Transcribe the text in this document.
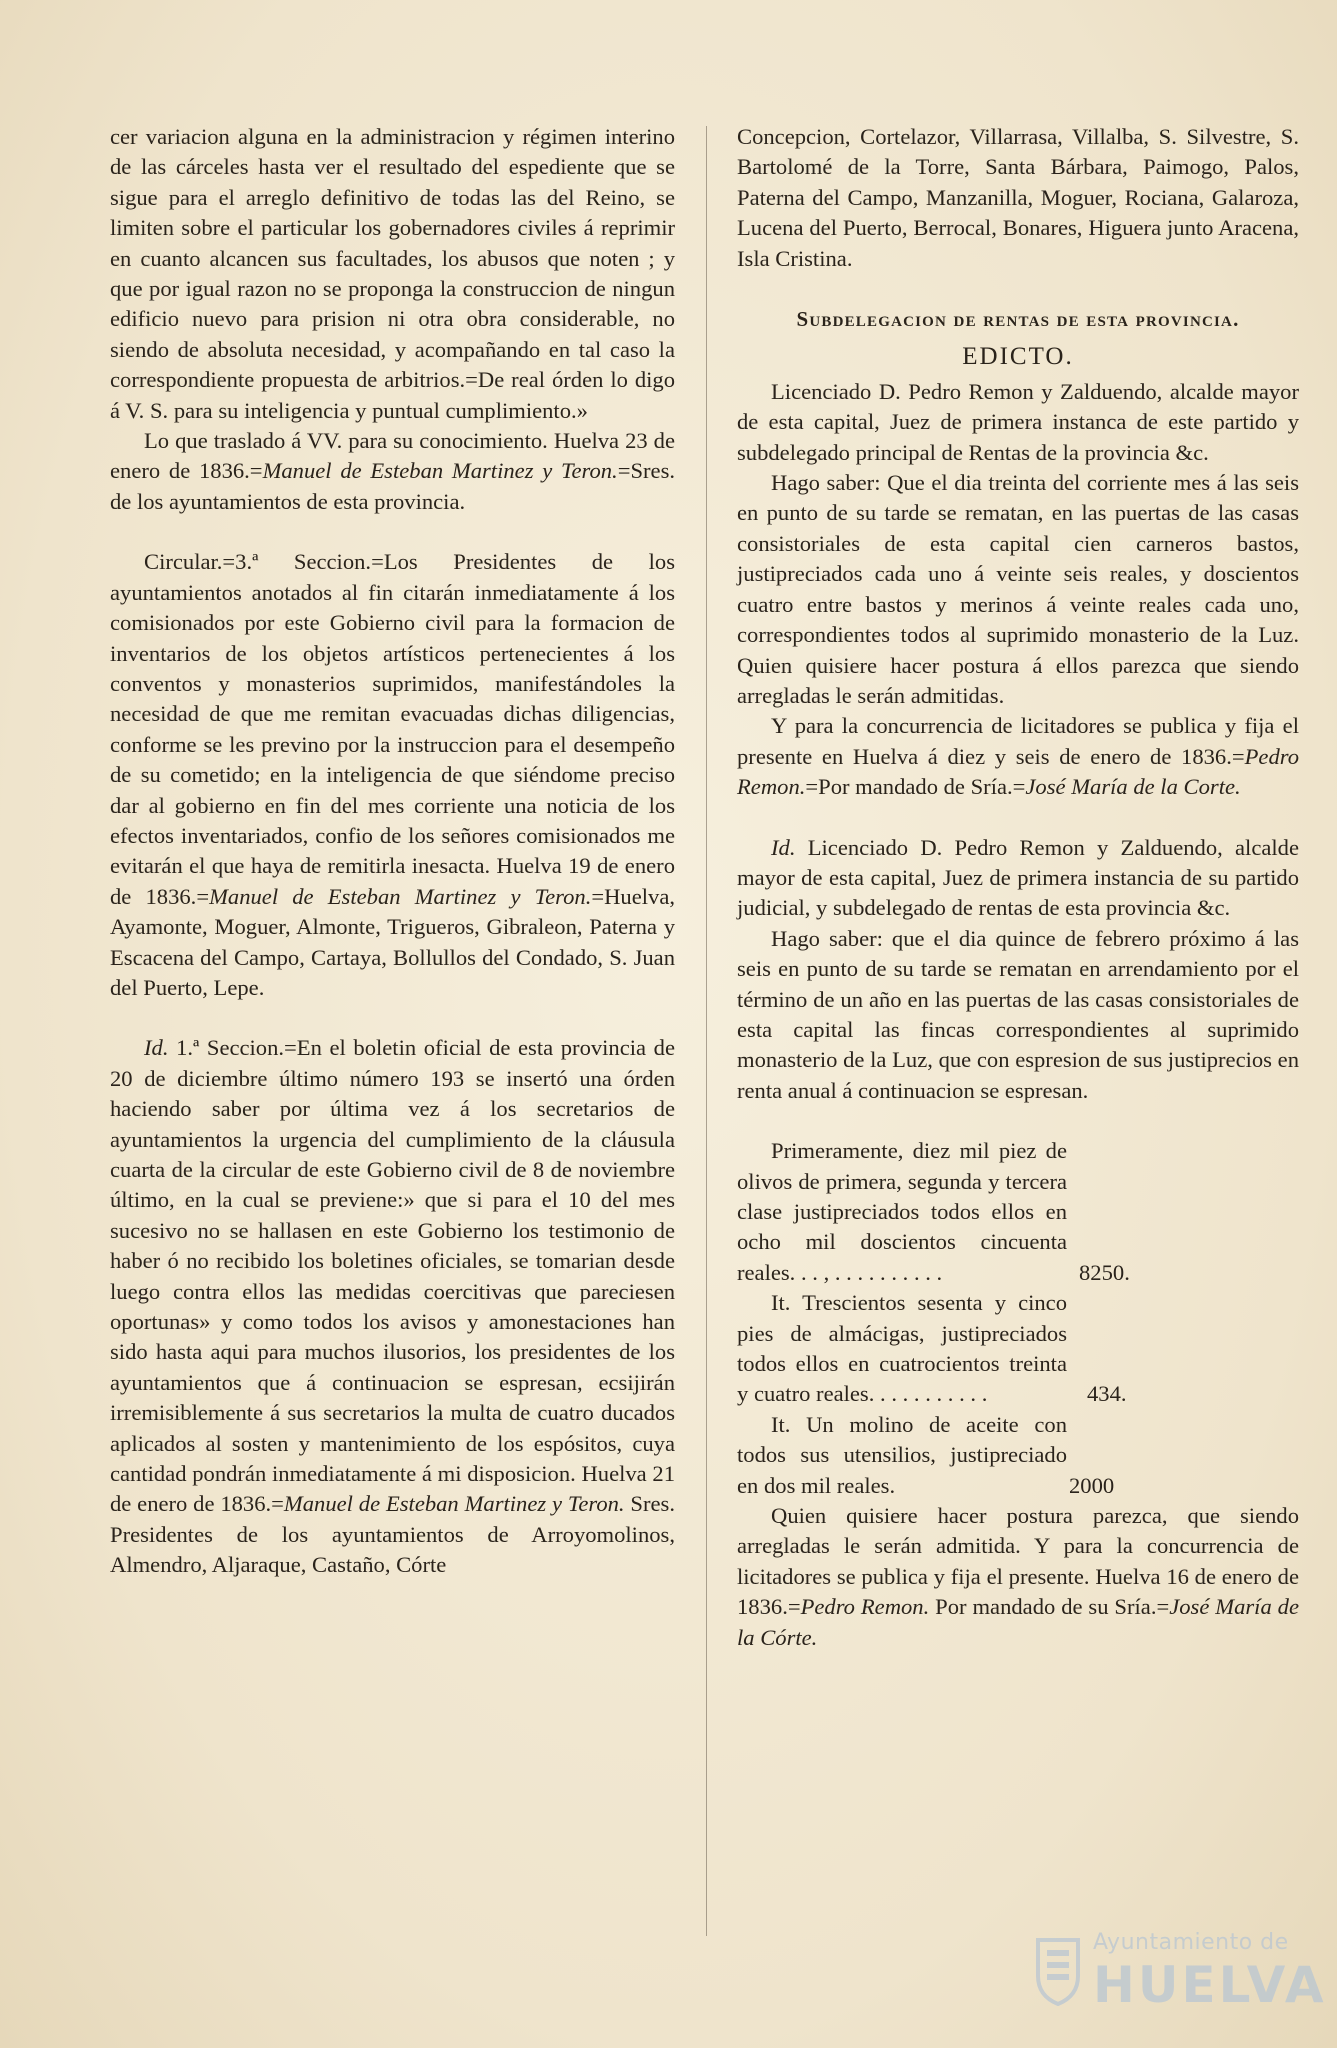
cer variacion alguna en la administracion y régimen interino de las cárceles hasta ver el resultado del espediente que se sigue para el arreglo definitivo de todas las del Reino, se limiten sobre el particular los gobernadores civiles á reprimir en cuanto alcancen sus facultades, los abusos que noten ; y que por igual razon no se proponga la construccion de ningun edificio nuevo para prision ni otra obra considerable, no siendo de absoluta necesidad, y acompañando en tal caso la correspondiente propuesta de arbitrios.=De real órden lo digo á V. S. para su inteligencia y puntual cumplimiento.»

Lo que traslado á VV. para su conocimiento. Huelva 23 de enero de 1836.=Manuel de Esteban Martinez y Teron.=Sres. de los ayuntamientos de esta provincia.

Circular.=3.ª Seccion.=Los Presidentes de los ayuntamientos anotados al fin citarán inmediatamente á los comisionados por este Gobierno civil para la formacion de inventarios de los objetos artísticos pertenecientes á los conventos y monasterios suprimidos, manifestándoles la necesidad de que me remitan evacuadas dichas diligencias, conforme se les previno por la instruccion para el desempeño de su cometido; en la inteligencia de que siéndome preciso dar al gobierno en fin del mes corriente una noticia de los efectos inventariados, confio de los señores comisionados me evitarán el que haya de remitirla inesacta. Huelva 19 de enero de 1836.=Manuel de Esteban Martinez y Teron.=Huelva, Ayamonte, Moguer, Almonte, Trigueros, Gibraleon, Paterna y Escacena del Campo, Cartaya, Bollullos del Condado, S. Juan del Puerto, Lepe.

Id. 1.ª Seccion.=En el boletin oficial de esta provincia de 20 de diciembre último número 193 se insertó una órden haciendo saber por última vez á los secretarios de ayuntamientos la urgencia del cumplimiento de la cláusula cuarta de la circular de este Gobierno civil de 8 de noviembre último, en la cual se previene:» que si para el 10 del mes sucesivo no se hallasen en este Gobierno los testimonio de haber ó no recibido los boletines oficiales, se tomarian desde luego contra ellos las medidas coercitivas que pareciesen oportunas» y como todos los avisos y amonestaciones han sido hasta aqui para muchos ilusorios, los presidentes de los ayuntamientos que á continuacion se espresan, ecsijirán irremisiblemente á sus secretarios la multa de cuatro ducados aplicados al sosten y mantenimiento de los espósitos, cuya cantidad pondrán inmediatamente á mi disposicion. Huelva 21 de enero de 1836.=Manuel de Esteban Martinez y Teron. Sres. Presidentes de los ayuntamientos de Arroyomolinos, Almendro, Aljaraque, Castaño, Córte

Concepcion, Cortelazor, Villarrasa, Villalba, S. Silvestre, S. Bartolomé de la Torre, Santa Bárbara, Paimogo, Palos, Paterna del Campo, Manzanilla, Moguer, Rociana, Galaroza, Lucena del Puerto, Berrocal, Bonares, Higuera junto Aracena, Isla Cristina.

Subdelegacion de rentas de esta provincia.

EDICTO.

Licenciado D. Pedro Remon y Zalduendo, alcalde mayor de esta capital, Juez de primera instanca de este partido y subdelegado principal de Rentas de la provincia &c.

Hago saber: Que el dia treinta del corriente mes á las seis en punto de su tarde se rematan, en las puertas de las casas consistoriales de esta capital cien carneros bastos, justipreciados cada uno á veinte seis reales, y doscientos cuatro entre bastos y merinos á veinte reales cada uno, correspondientes todos al suprimido monasterio de la Luz. Quien quisiere hacer postura á ellos parezca que siendo arregladas le serán admitidas.

Y para la concurrencia de licitadores se publica y fija el presente en Huelva á diez y seis de enero de 1836.=Pedro Remon.=Por mandado de Sría.=José María de la Corte.

Id. Licenciado D. Pedro Remon y Zalduendo, alcalde mayor de esta capital, Juez de primera instancia de su partido judicial, y subdelegado de rentas de esta provincia &c.

Hago saber: que el dia quince de febrero próximo á las seis en punto de su tarde se rematan en arrendamiento por el término de un año en las puertas de las casas consistoriales de esta capital las fincas correspondientes al suprimido monasterio de la Luz, que con espresion de sus justiprecios en renta anual á continuacion se espresan.

Primeramente, diez mil piez de olivos de primera, segunda y tercera clase justipreciados todos ellos en ocho mil doscientos cincuenta reales. . . , . . . . . . . . . .	8250.

It. Trescientos sesenta y cinco pies de almácigas, justipreciados todos ellos en cuatrocientos treinta y cuatro reales. . . . . . . . . . .	434.

It. Un molino de aceite con todos sus utensilios, justipreciado en dos mil reales.	2000

Quien quisiere hacer postura parezca, que siendo arregladas le serán admitida. Y para la concurrencia de licitadores se publica y fija el presente. Huelva 16 de enero de 1836.=Pedro Remon. Por mandado de su Sría.=José María de la Córte.

Ayuntamiento de
HUELVA
